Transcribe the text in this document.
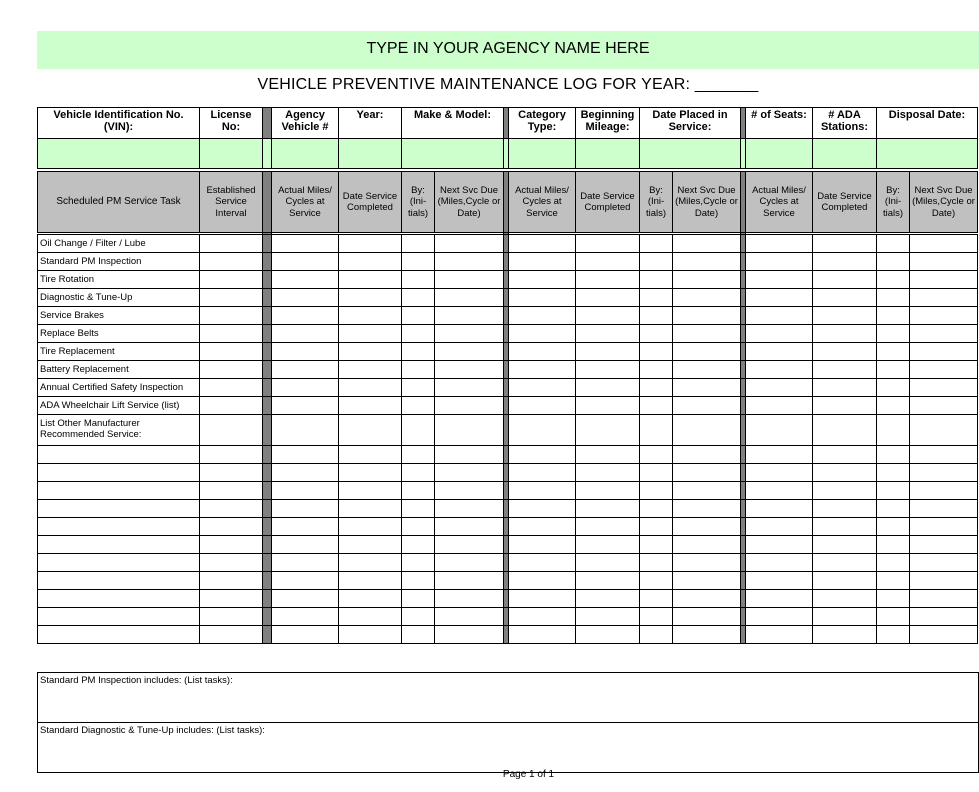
TYPE IN YOUR AGENCY NAME HERE
VEHICLE PREVENTIVE MAINTENANCE LOG FOR YEAR: _______
Vehicle Identification No. (VIN):	License No:		Agency Vehicle #	Year:	Make & Model:		Category Type:	Beginning Mileage:	Date Placed in Service:		# of Seats:	# ADA Stations:	Disposal Date:

Scheduled PM Service Task	Established Service Interval		Actual Miles/ Cycles at Service	Date Service Completed	By: (Ini- tials)	Next Svc Due (Miles,Cycle or Date)		Actual Miles/ Cycles at Service	Date Service Completed	By: (Ini- tials)	Next Svc Due (Miles,Cycle or Date)		Actual Miles/ Cycles at Service	Date Service Completed	By: (Ini- tials)	Next Svc Due (Miles,Cycle or Date)

Oil Change / Filter / Lube																
Standard PM Inspection																
Tire Rotation																
Diagnostic & Tune-Up																
Service Brakes																
Replace Belts																
Tire Replacement																
Battery Replacement																
Annual Certified Safety Inspection																
ADA Wheelchair Lift Service (list)																
List Other Manufacturer Recommended Service:																

Standard PM Inspection includes: (List tasks):
Standard Diagnostic & Tune-Up includes: (List tasks):
Page 1 of 1
